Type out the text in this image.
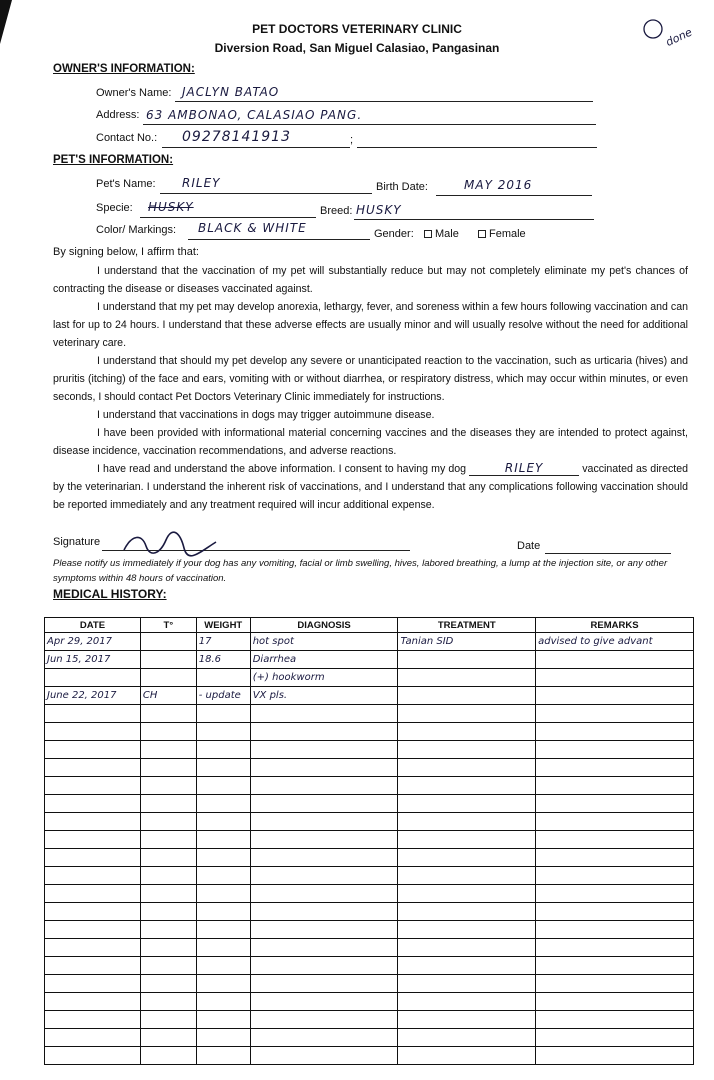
PET DOCTORS VETERINARY CLINIC
Diversion Road, San Miguel Calasiao, Pangasinan	done
OWNER'S INFORMATION:
Owner's Name: JACLYN BATAO
Address: 63 AMBONAO, CALASIAO PANG.
Contact No.: 09278141913	;
PET'S INFORMATION:
Pet's Name: RILEY	Birth Date:	MAY 2016
Specie: HUSKY	Breed: HUSKY
Color/ Markings: BLACK & WHITE	Gender:	Male	Female
By signing below, I affirm that:

I understand that the vaccination of my pet will substantially reduce but may not completely eliminate my pet's chances of contracting the disease or diseases vaccinated against.

I understand that my pet may develop anorexia, lethargy, fever, and soreness within a few hours following vaccination and can last for up to 24 hours. I understand that these adverse effects are usually minor and will usually resolve without the need for additional veterinary care.

I understand that should my pet develop any severe or unanticipated reaction to the vaccination, such as urticaria (hives) and pruritis (itching) of the face and ears, vomiting with or without diarrhea, or respiratory distress, which may occur within minutes, or even seconds, I should contact Pet Doctors Veterinary Clinic immediately for instructions.

I understand that vaccinations in dogs may trigger autoimmune disease.

I have been provided with informational material concerning vaccines and the diseases they are intended to protect against, disease incidence, vaccination recommendations, and adverse reactions.

I have read and understand the above information. I consent to having my dog	RILEY	vaccinated as directed by the veterinarian. I understand the inherent risk of vaccinations, and I understand that any complications following vaccination should be reported immediately and any treatment required will incur additional expense.

Signature	Date
Please notify us immediately if your dog has any vomiting, facial or limb swelling, hives, labored breathing, a lump at the injection site, or any other symptoms within 48 hours of vaccination.
MEDICAL HISTORY:
DATE	T°	WEIGHT	DIAGNOSIS	TREATMENT	REMARKS
Apr 29, 2017		17	hot spot	Tanian SID	advised to give advant
Jun 15, 2017		18.6	Diarrhea		
			(+) hookworm		
June 22, 2017	CH	- update	VX pls.		
